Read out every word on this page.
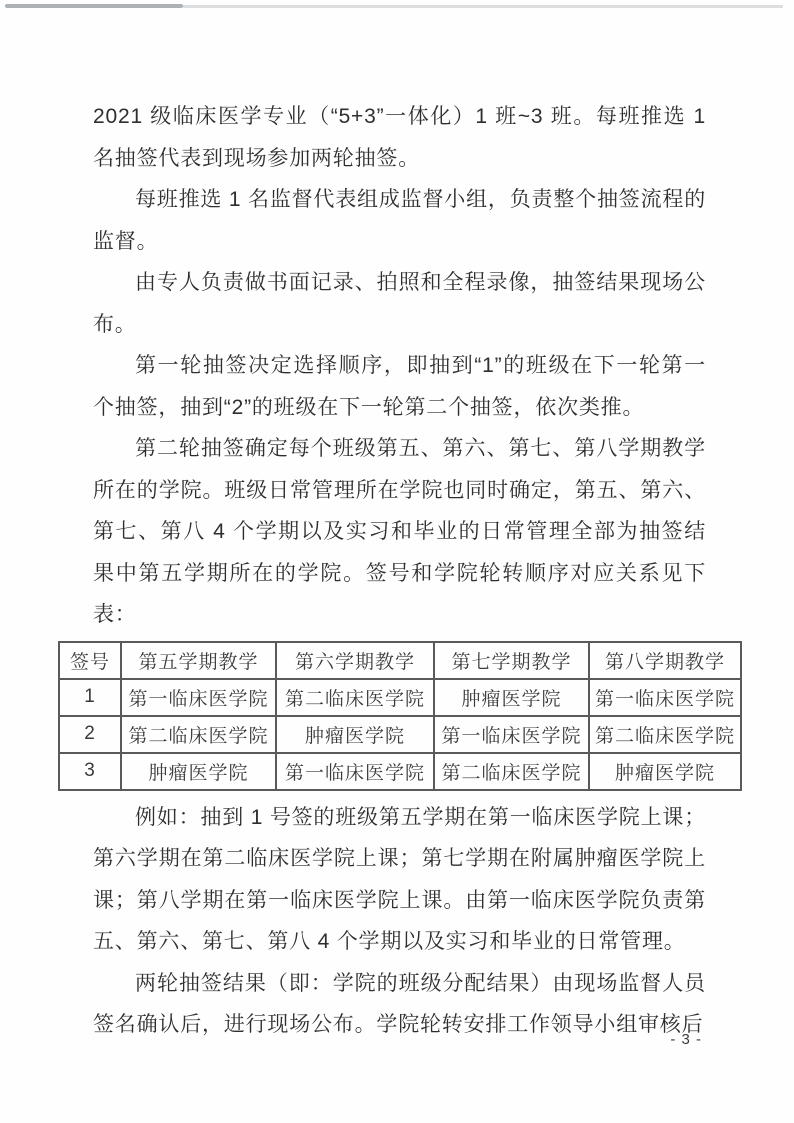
2021 级临床医学专业（“5+3”一体化）1 班~3 班。每班推选 1 名抽签代表到现场参加两轮抽签。

每班推选 1 名监督代表组成监督小组，负责整个抽签流程的监督。

由专人负责做书面记录、拍照和全程录像，抽签结果现场公布。

第一轮抽签决定选择顺序，即抽到“1”的班级在下一轮第一个抽签，抽到“2”的班级在下一轮第二个抽签，依次类推。

第二轮抽签确定每个班级第五、第六、第七、第八学期教学所在的学院。班级日常管理所在学院也同时确定，第五、第六、第七、第八 4 个学期以及实习和毕业的日常管理全部为抽签结果中第五学期所在的学院。签号和学院轮转顺序对应关系见下表：

签号	第五学期教学	第六学期教学	第七学期教学	第八学期教学
1	第一临床医学院	第二临床医学院	肿瘤医学院	第一临床医学院
2	第二临床医学院	肿瘤医学院	第一临床医学院	第二临床医学院
3	肿瘤医学院	第一临床医学院	第二临床医学院	肿瘤医学院

例如：抽到 1 号签的班级第五学期在第一临床医学院上课；第六学期在第二临床医学院上课；第七学期在附属肿瘤医学院上课；第八学期在第一临床医学院上课。由第一临床医学院负责第五、第六、第七、第八 4 个学期以及实习和毕业的日常管理。

两轮抽签结果（即：学院的班级分配结果）由现场监督人员签名确认后，进行现场公布。学院轮转安排工作领导小组审核后

- 3 -
